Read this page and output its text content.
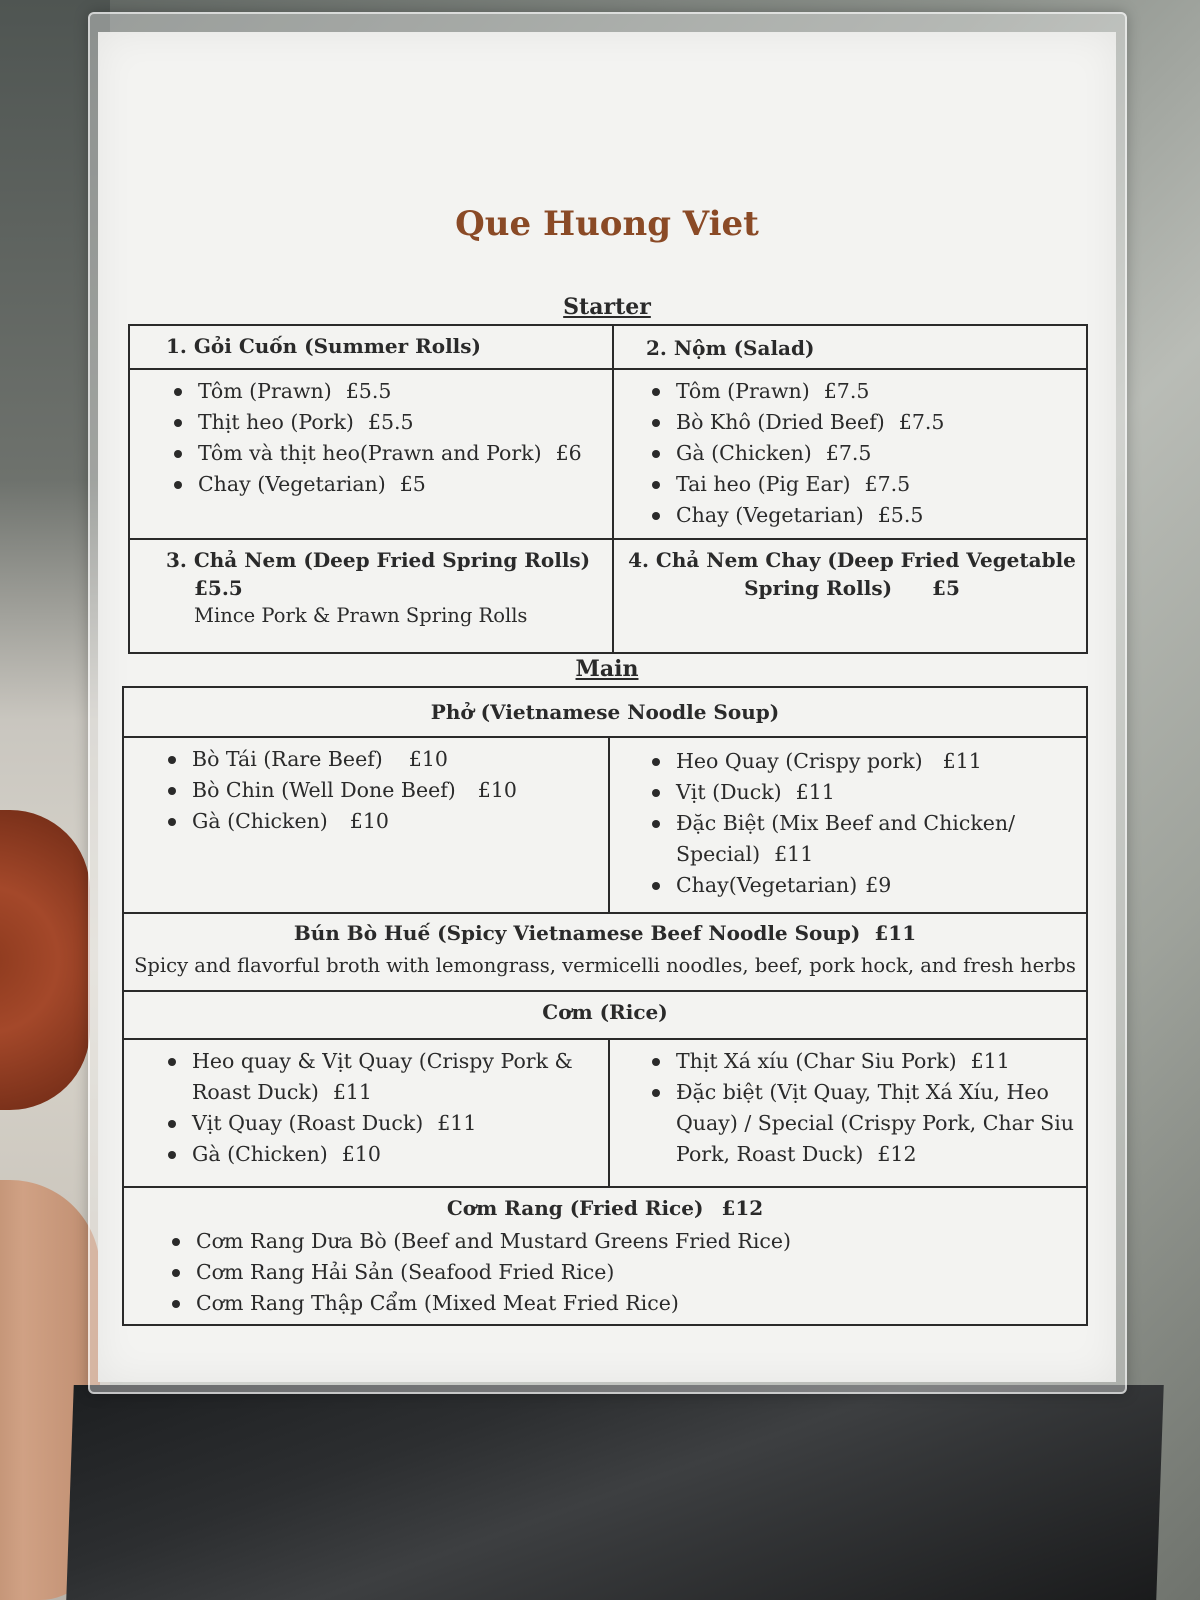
Que Huong Viet
Starter
1. Gỏi Cuốn (Summer Rolls)	2. Nộm (Salad)
Tôm (Prawn) £5.5
Thịt heo (Pork) £5.5
Tôm và thịt heo(Prawn and Pork) £6
Chay (Vegetarian) £5
Tôm (Prawn) £7.5
Bò Khô (Dried Beef) £7.5
Gà (Chicken) £7.5
Tai heo (Pig Ear) £7.5
Chay (Vegetarian) £5.5
3. Chả Nem (Deep Fried Spring Rolls)
£5.5
Mince Pork & Prawn Spring Rolls
4. Chả Nem Chay (Deep Fried Vegetable
Spring Rolls) £5
Main
Phở (Vietnamese Noodle Soup)
Bò Tái (Rare Beef) £10
Bò Chin (Well Done Beef) £10
Gà (Chicken) £10
Heo Quay (Crispy pork) £11
Vịt (Duck) £11
Đặc Biệt (Mix Beef and Chicken/
Special) £11
Chay(Vegetarian) £9
Bún Bò Huế (Spicy Vietnamese Beef Noodle Soup) £11
Spicy and flavorful broth with lemongrass, vermicelli noodles, beef, pork hock, and fresh herbs
Cơm (Rice)
Heo quay & Vịt Quay (Crispy Pork &
Roast Duck) £11
Vịt Quay (Roast Duck) £11
Gà (Chicken) £10
Thịt Xá xíu (Char Siu Pork) £11
Đặc biệt (Vịt Quay, Thịt Xá Xíu, Heo
Quay) / Special (Crispy Pork, Char Siu
Pork, Roast Duck) £12
Cơm Rang (Fried Rice) £12
Cơm Rang Dưa Bò (Beef and Mustard Greens Fried Rice)
Cơm Rang Hải Sản (Seafood Fried Rice)
Cơm Rang Thập Cẩm (Mixed Meat Fried Rice)
